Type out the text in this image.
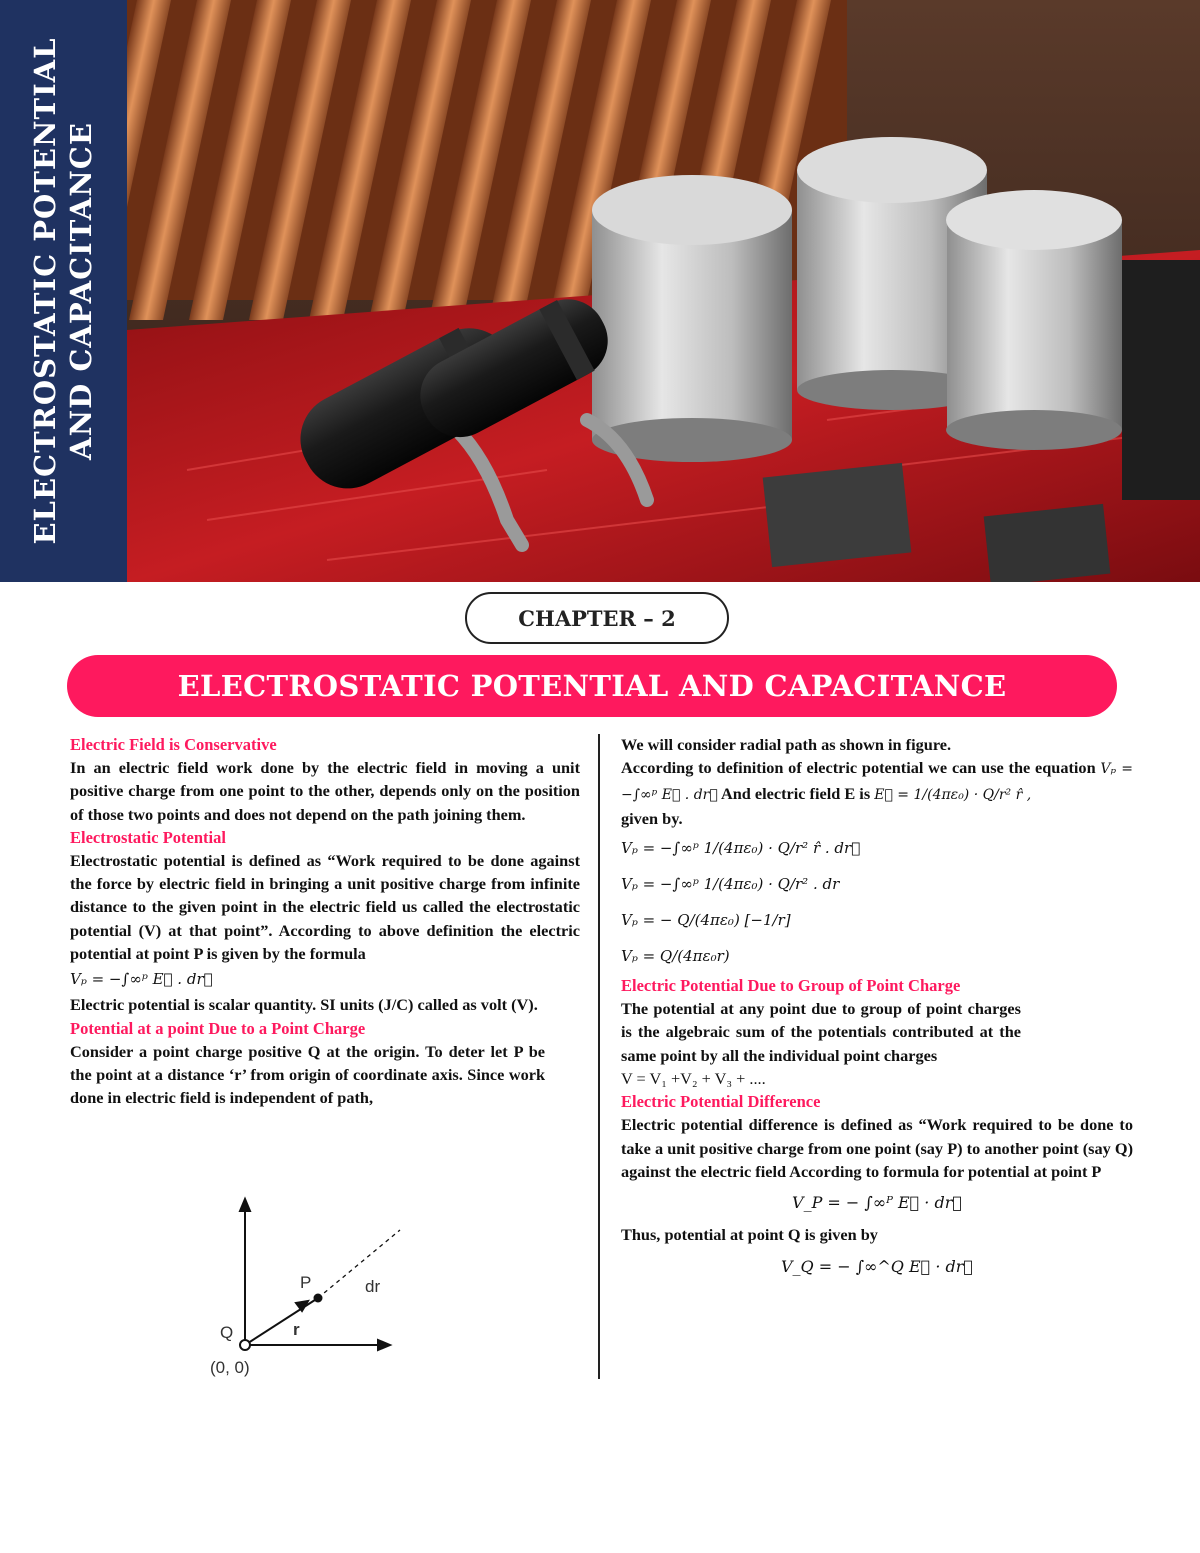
ELECTROSTATIC POTENTIAL AND CAPACITANCE
CHAPTER – 2
ELECTROSTATIC POTENTIAL AND CAPACITANCE
Electric Field is Conservative

In an electric field work done by the electric field in moving a unit positive charge from one point to the other, depends only on the position of those two points and does not depend on the path joining them.

Electrostatic Potential

Electrostatic potential is defined as “Work required to be done against the force by electric field in bringing a unit positive charge from infinite distance to the given point in the electric field us called the electrostatic potential (V) at that point”. According to above definition the electric potential at point P is given by the formula

Vₚ = −∫∞ᵖ E⃗ . dr⃗

Electric potential is scalar quantity. SI units (J/C) called as volt (V).

Potential at a point Due to a Point Charge

Consider a point charge positive Q at the origin. To deter let P be the point at a distance ‘r’ from origin of coordinate axis. Since work done in electric field is independent of path,

Q
(0, 0)
P
r
dr

We will consider radial path as shown in figure.

According to definition of electric potential we can use the equation Vₚ = −∫∞ᵖ E⃗ . dr⃗ And electric field E is E⃗ = 1/(4πε₀) · Q/r² r̂ ,

given by.

Vₚ = −∫∞ᵖ 1/(4πε₀) · Q/r² r̂ . dr⃗
Vₚ = −∫∞ᵖ 1/(4πε₀) · Q/r² . dr
Vₚ = − Q/(4πε₀) [−1/r]
Vₚ = Q/(4πε₀r)
Electric Potential Due to Group of Point Charge

The potential at any point due to group of point charges is the algebraic sum of the potentials contributed at the same point by all the individual point charges

V = V₁ +V₂ + V₃ + ....

Electric Potential Difference

Electric potential difference is defined as “Work required to be done to take a unit positive charge from one point (say P) to another point (say Q) against the electric field According to formula for potential at point P

V_P = − ∫∞ᴾ E⃗ · dr⃗

Thus, potential at point Q is given by

V_Q = − ∫∞^Q E⃗ · dr⃗
